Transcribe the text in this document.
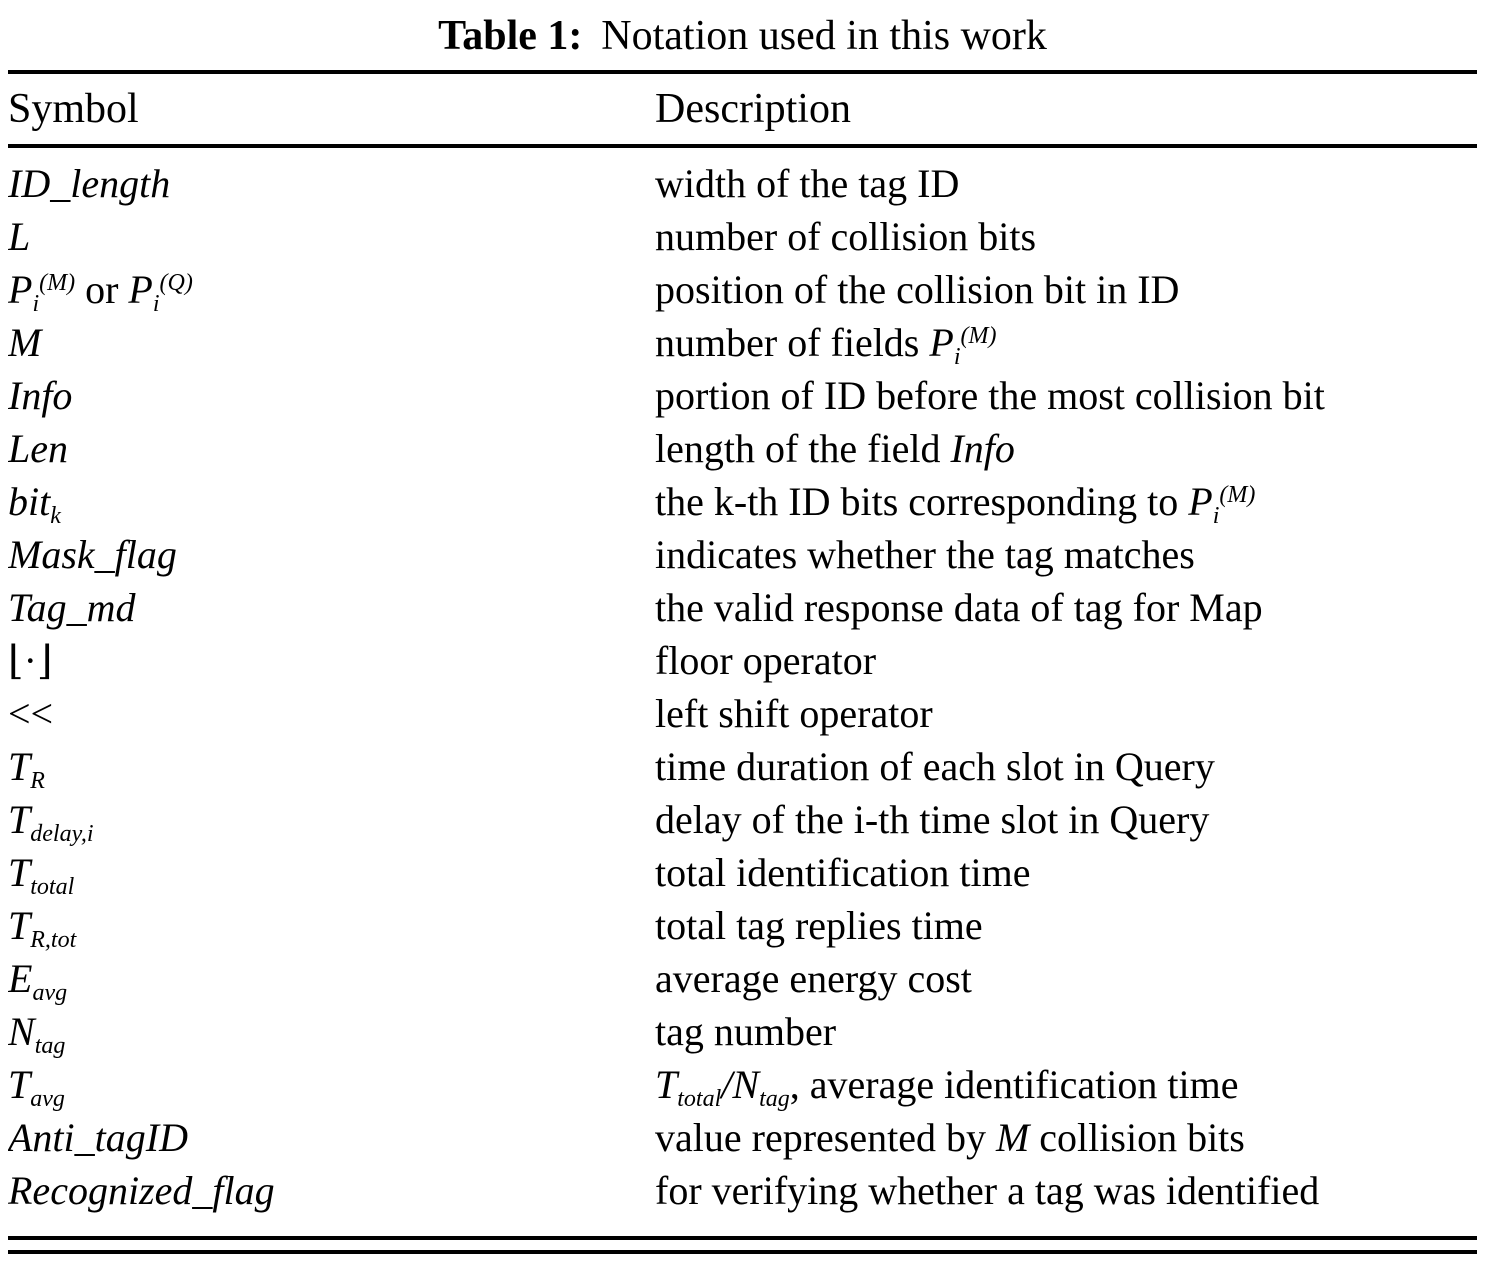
Table 1: Notation used in this work
Symbol	Description
ID_length	width of the tag ID
L	number of collision bits
$P_i^{(M)}$ or $P_i^{(Q)}$	position of the collision bit in ID
M	number of fields $P_i^{(M)}$
Info	portion of ID before the most collision bit
Len	length of the field Info
bit$_k$	the k-th ID bits corresponding to $P_i^{(M)}$
Mask_flag	indicates whether the tag matches
Tag_md	the valid response data of tag for Map
⌊·⌋	floor operator
<<	left shift operator
$T_R$	time duration of each slot in Query
$T_{delay,i}$	delay of the i-th time slot in Query
$T_{total}$	total identification time
$T_{R,tot}$	total tag replies time
$E_{avg}$	average energy cost
$N_{tag}$	tag number
$T_{avg}$	$T_{total}/N_{tag}$, average identification time
Anti_tagID	value represented by M collision bits
Recognized_flag	for verifying whether a tag was identified
